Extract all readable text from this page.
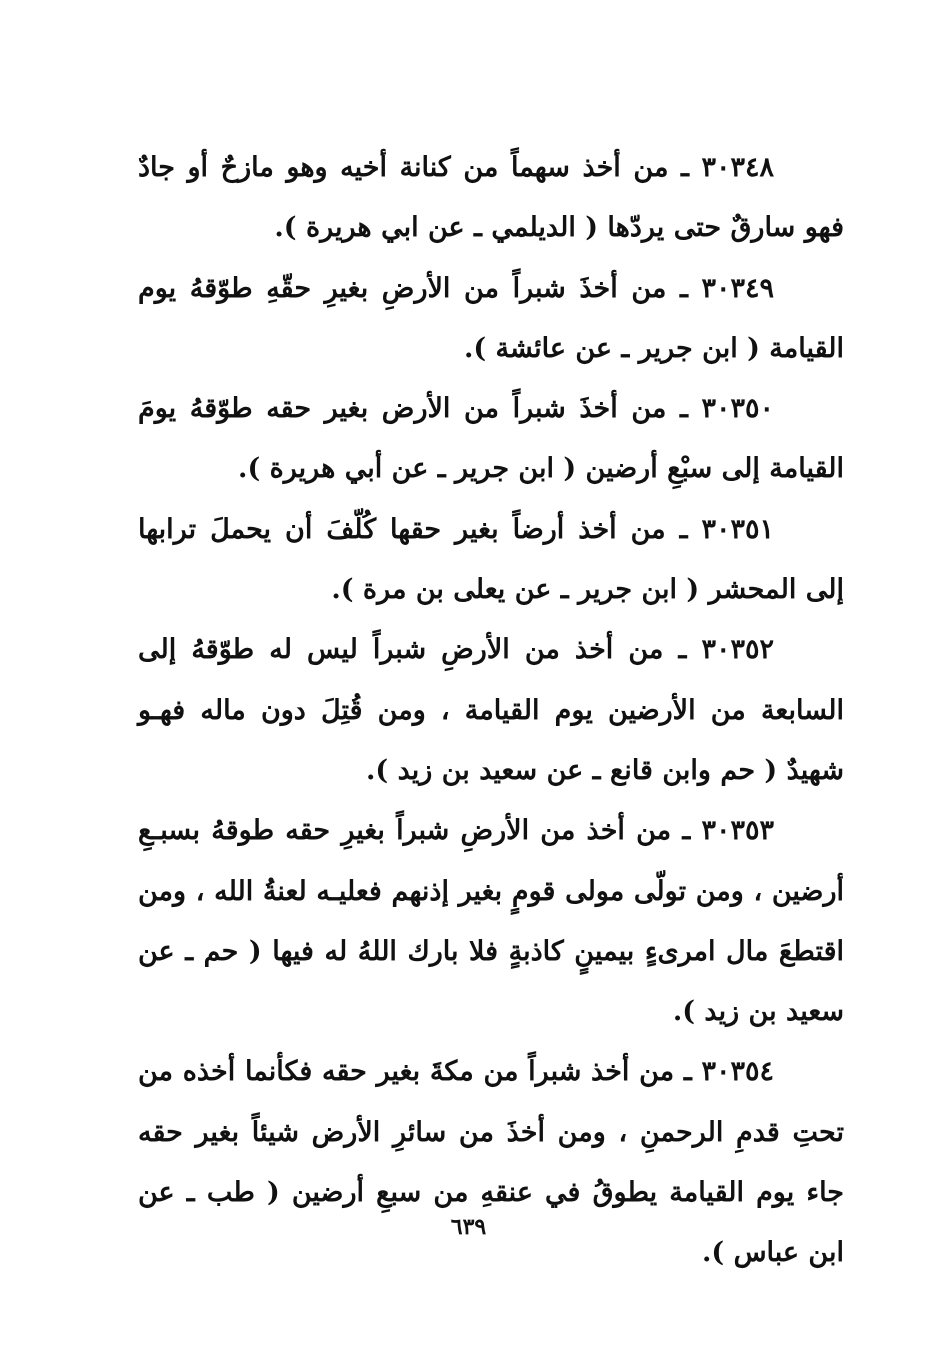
٣٠٣٤٨ ـ من أخذ سهماً من كنانة أخيه وهو مازحٌ أو جادٌ فهو سارقٌ حتى يردّها ( الديلمي ـ عن ابي هريرة ).

٣٠٣٤٩ ـ من أخذَ شبراً من الأرضِ بغيرِ حقّهِ طوّقهُ يوم القيامة ( ابن جرير ـ عن عائشة ).

٣٠٣٥٠ ـ من أخذَ شبراً من الأرض بغير حقه طوّقهُ يومَ القيامة إلى سبْعِ أرضين ( ابن جرير ـ عن أبي هريرة ).

٣٠٣٥١ ـ من أخذ أرضاً بغير حقها كُلّفَ أن يحملَ ترابها إلى المحشر ( ابن جرير ـ عن يعلى بن مرة ).

٣٠٣٥٢ ـ من أخذ من الأرضِ شبراً ليس له طوّقهُ إلى السابعة من الأرضين يوم القيامة ، ومن قُتِلَ دون ماله فهـو شهيدٌ ( حم وابن قانع ـ عن سعيد بن زيد ).

٣٠٣٥٣ ـ من أخذ من الأرضِ شبراً بغيرِ حقه طوقهُ بسبـعِ أرضين ، ومن تولّى مولى قومٍ بغير إذنهم فعليـه لعنةُ الله ، ومن اقتطعَ مال امرىءٍ بيمينٍ كاذبةٍ فلا بارك اللهُ له فيها ( حم ـ عن سعيد بن زيد ).

٣٠٣٥٤ ـ من أخذ شبراً من مكةَ بغير حقه فكأنما أخذه من تحتِ قدمِ الرحمنِ ، ومن أخذَ من سائرِ الأرض شيئاً بغير حقه جاء يوم القيامة يطوقُ في عنقهِ من سبعِ أرضين ( طب ـ عن ابن عباس ).

٦٣٩
